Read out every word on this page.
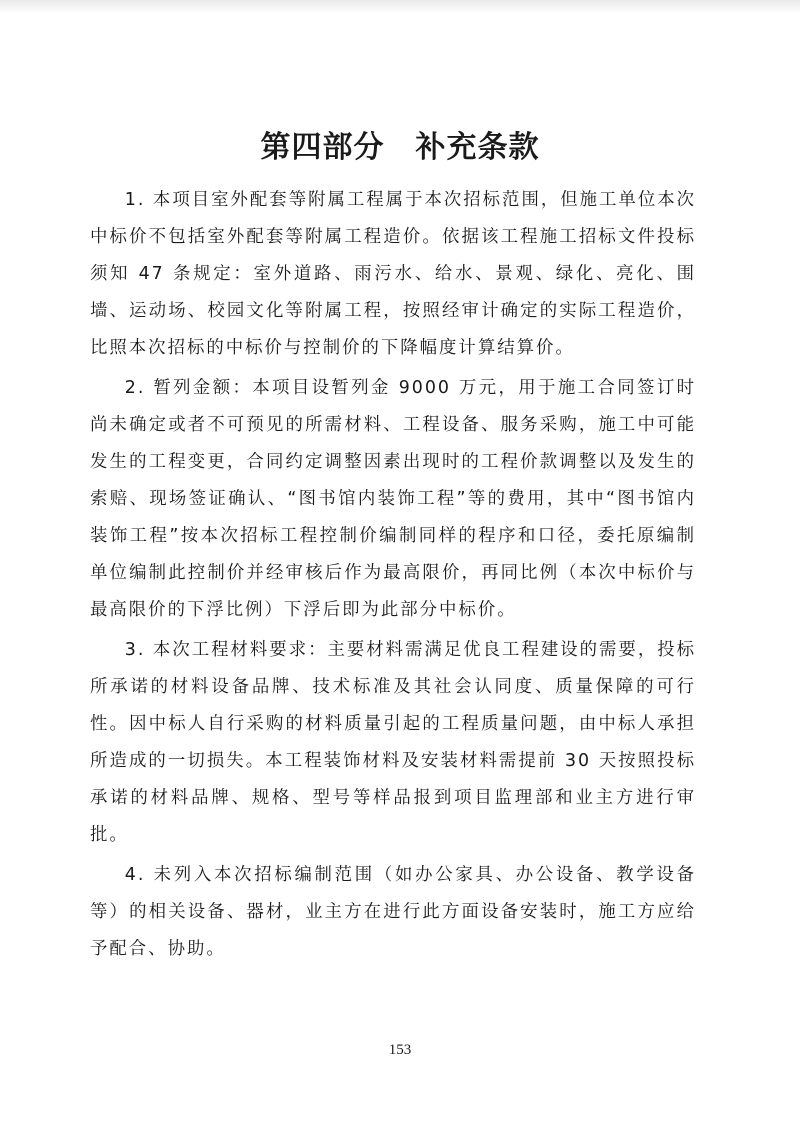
第四部分　补充条款

1. 本项目室外配套等附属工程属于本次招标范围，但施工单位本次中标价不包括室外配套等附属工程造价。依据该工程施工招标文件投标须知 47 条规定：室外道路、雨污水、给水、景观、绿化、亮化、围墙、运动场、校园文化等附属工程，按照经审计确定的实际工程造价，比照本次招标的中标价与控制价的下降幅度计算结算价。

2. 暂列金额：本项目设暂列金 9000 万元，用于施工合同签订时尚未确定或者不可预见的所需材料、工程设备、服务采购，施工中可能发生的工程变更，合同约定调整因素出现时的工程价款调整以及发生的索赔、现场签证确认、“图书馆内装饰工程”等的费用，其中“图书馆内装饰工程”按本次招标工程控制价编制同样的程序和口径，委托原编制单位编制此控制价并经审核后作为最高限价，再同比例（本次中标价与最高限价的下浮比例）下浮后即为此部分中标价。

3. 本次工程材料要求：主要材料需满足优良工程建设的需要，投标所承诺的材料设备品牌、技术标准及其社会认同度、质量保障的可行性。因中标人自行采购的材料质量引起的工程质量问题，由中标人承担所造成的一切损失。本工程装饰材料及安装材料需提前 30 天按照投标承诺的材料品牌、规格、型号等样品报到项目监理部和业主方进行审批。

4. 未列入本次招标编制范围（如办公家具、办公设备、教学设备等）的相关设备、器材，业主方在进行此方面设备安装时，施工方应给予配合、协助。

153
